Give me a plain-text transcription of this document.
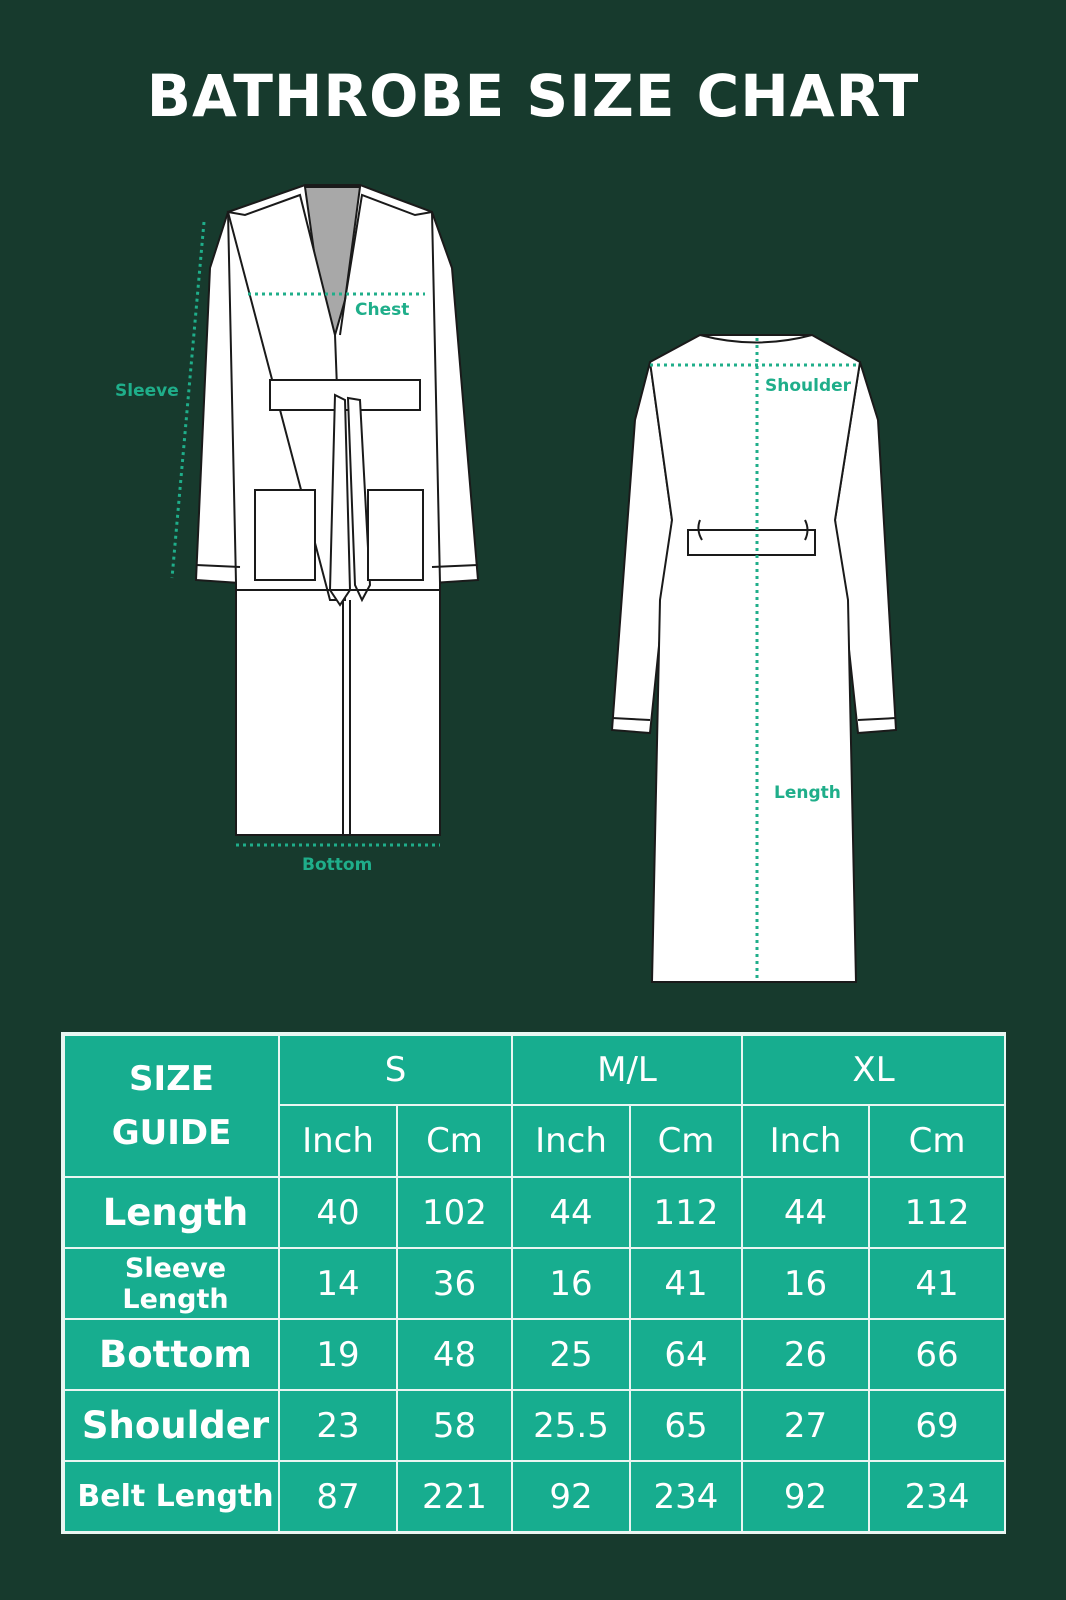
BATHROBE SIZE CHART
Chest
Sleeve
Bottom
Shoulder
Length
SIZE
GUIDE	S		M/L		XL	
	Inch	Cm	Inch	Cm	Inch	Cm

Length	40	102	44	112	44	112

Sleeve Length	14	36	16	41	16	41

Bottom	19	48	25	64	26	66

Shoulder	23	58	25.5	65	27	69

Belt Length	87	221	92	234	92	234
